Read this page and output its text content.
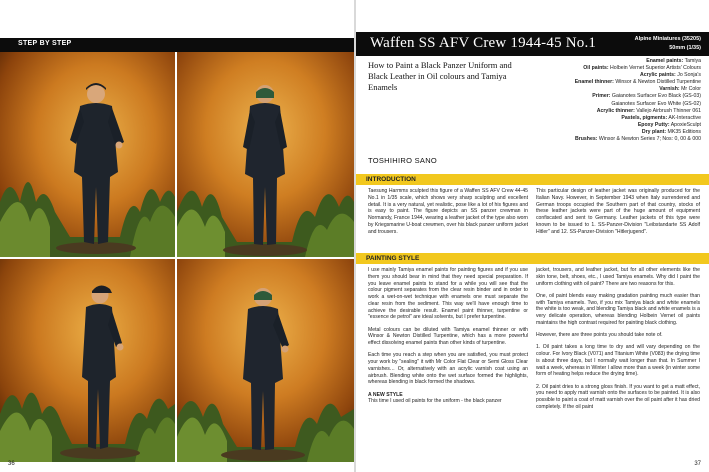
STEP BY STEP
36
Waffen SS AFV Crew 1944-45 No.1	Alpine Miniatures (35205)
50mm (1/35)
How to Paint a Black Panzer Uniform and Black Leather in Oil colours and Tamiya Enamels
Enamel paints: Tamiya
Oil paints: Holbein Vernet Superior Artists' Colours
Acrylic paints: Jo Sonja's
Enamel thinner: Winsor & Newton Distilled Turpentine
Varnish: Mr Color
Primer: Gaianotes Surfacer Evo Black (GS-03)
Gaianotes Surfacer Evo White (GS-02)
Acrylic thinner: Vallejo Airbrush Thinner 061
Pastels, pigments: AK-Interactive
Epoxy Putty: ApoxieSculpt
Dry plant: MK35 Editions
Brushes: Winsor & Newton Series 7; Nos: 0, 00 & 000
TOSHIHIRO SANO
INTRODUCTION

Taesung Harmms sculpted this figure of a Waffen SS AFV Crew 44-45 No.1 in 1/35 scale, which shows very sharp sculpting and excellent detail. It is a very natural, yet realistic, pose like a lot of his figures and is easy to paint. The figure depicts an SS panzer crewman in Normandy, France 1944, wearing a leather jacket of the type also worn by Kriegsmarine U-boat crewmen, over his black panzer uniform jacket and trousers.

This particular design of leather jacket was originally produced for the Italian Navy. However, in September 1943 when Italy surrendered and German troops occupied the Southern part of that country, stocks of these leather jackets were part of the huge amount of equipment confiscated and sent to Germany. Leather jackets of this type were known to be issued to 1. SS-Panzer-Division "Leibstandarte SS Adolf Hitler" and 12. SS-Panzer-Division "Hitlerjugend".

PAINTING STYLE

I use mainly Tamiya enamel paints for painting figures and if you use them you should bear in mind that they need special preparation. If you leave enamel paints to stand for a while you will see that the colour pigment separates from the clear resin binder and in order to work a wet-on-wet technique with enamels one must separate the clear resin from the sediment. This way we'll have enough time to achieve the desirable result. Enamel paint thinner, turpentine or "essence de petrol" are ideal solvents, but I prefer turpentine.

Metal colours can be diluted with Tamiya enamel thinner or with Winsor & Newton Distilled Turpentine, which has a more powerful effect dissolving enamel paints than other kinds of turpentine.

Each time you reach a step when you are satisfied, you must protect your work by "sealing" it with Mr Color Flat Clear or Semi Gloss Clear varnishes… Or, alternatively with an acrylic varnish coat using an airbrush. Blending white onto the wet surface formed the highlights, whereas blending in black formed the shadows.

A NEW STYLE

This time I used oil paints for the uniform - the black panzer

jacket, trousers, and leather jacket, but for all other elements like the skin tone, belt, shoes, etc., I used Tamiya enamels. Why did I paint the uniform clothing with oil paint? There are two reasons for this.

One, oil paint blends easy making gradation painting much easier than with Tamiya enamels. Two, if you mix Tamiya black and white enamels the white is too weak, and blending Tamiya black and white enamels is a very delicate operation, whereas blending Holbein Vernet oil paints maintains the high contrast required for painting black clothing.

However, there are three points you should take note of.

1. Oil paint takes a long time to dry and will vary depending on the colour. For Ivory Black (V071) and Titanium White (V083) the drying time is about three days, but I normally wait longer than that. In Summer I wait a week, whereas in Winter I allow more than a week (in winter some form of heating helps reduce the drying time).

2. Oil paint dries to a strong gloss finish. If you want to get a matt effect, you need to apply matt varnish onto the surfaces to be painted. It is also possible to paint a coat of matt varnish over the oil paint after it has dried completely. If the oil paint

37
